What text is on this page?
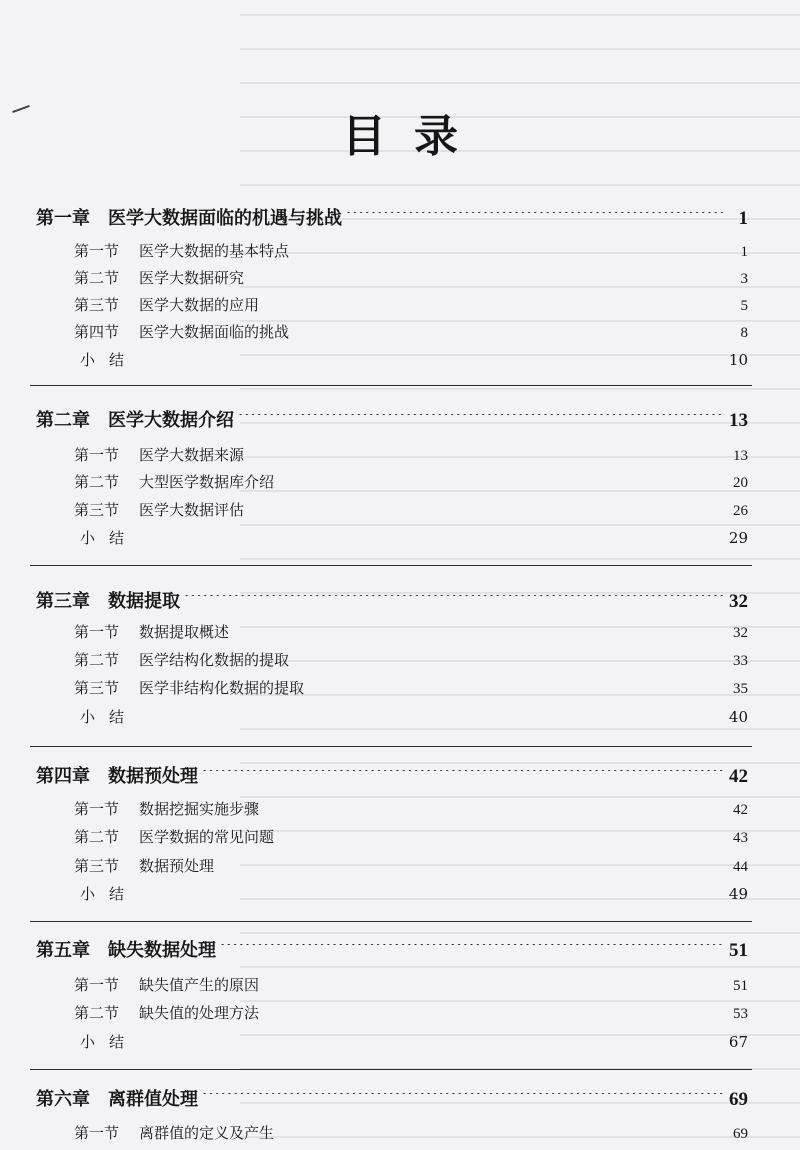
目录
第一章 医学大数据面临的机遇与挑战 ·····	1
第一节 医学大数据的基本特点 ·····	1
第二节 医学大数据研究 ·····	3
第三节 医学大数据的应用 ·····	5
第四节 医学大数据面临的挑战 ·····	8
小结 ·····	10
第二章 医学大数据介绍 ·····	13
第一节 医学大数据来源 ·····	13
第二节 大型医学数据库介绍 ·····	20
第三节 医学大数据评估 ·····	26
小结 ·····	29
第三章 数据提取 ·····	32
第一节 数据提取概述 ·····	32
第二节 医学结构化数据的提取 ·····	33
第三节 医学非结构化数据的提取 ·····	35
小结 ·····	40
第四章 数据预处理 ·····	42
第一节 数据挖掘实施步骤 ·····	42
第二节 医学数据的常见问题 ·····	43
第三节 数据预处理 ·····	44
小结 ·····	49
第五章 缺失数据处理 ·····	51
第一节 缺失值产生的原因 ·····	51
第二节 缺失值的处理方法 ·····	53
小结 ·····	67
第六章 离群值处理 ·····	69
第一节 离群值的定义及产生 ·····	69
